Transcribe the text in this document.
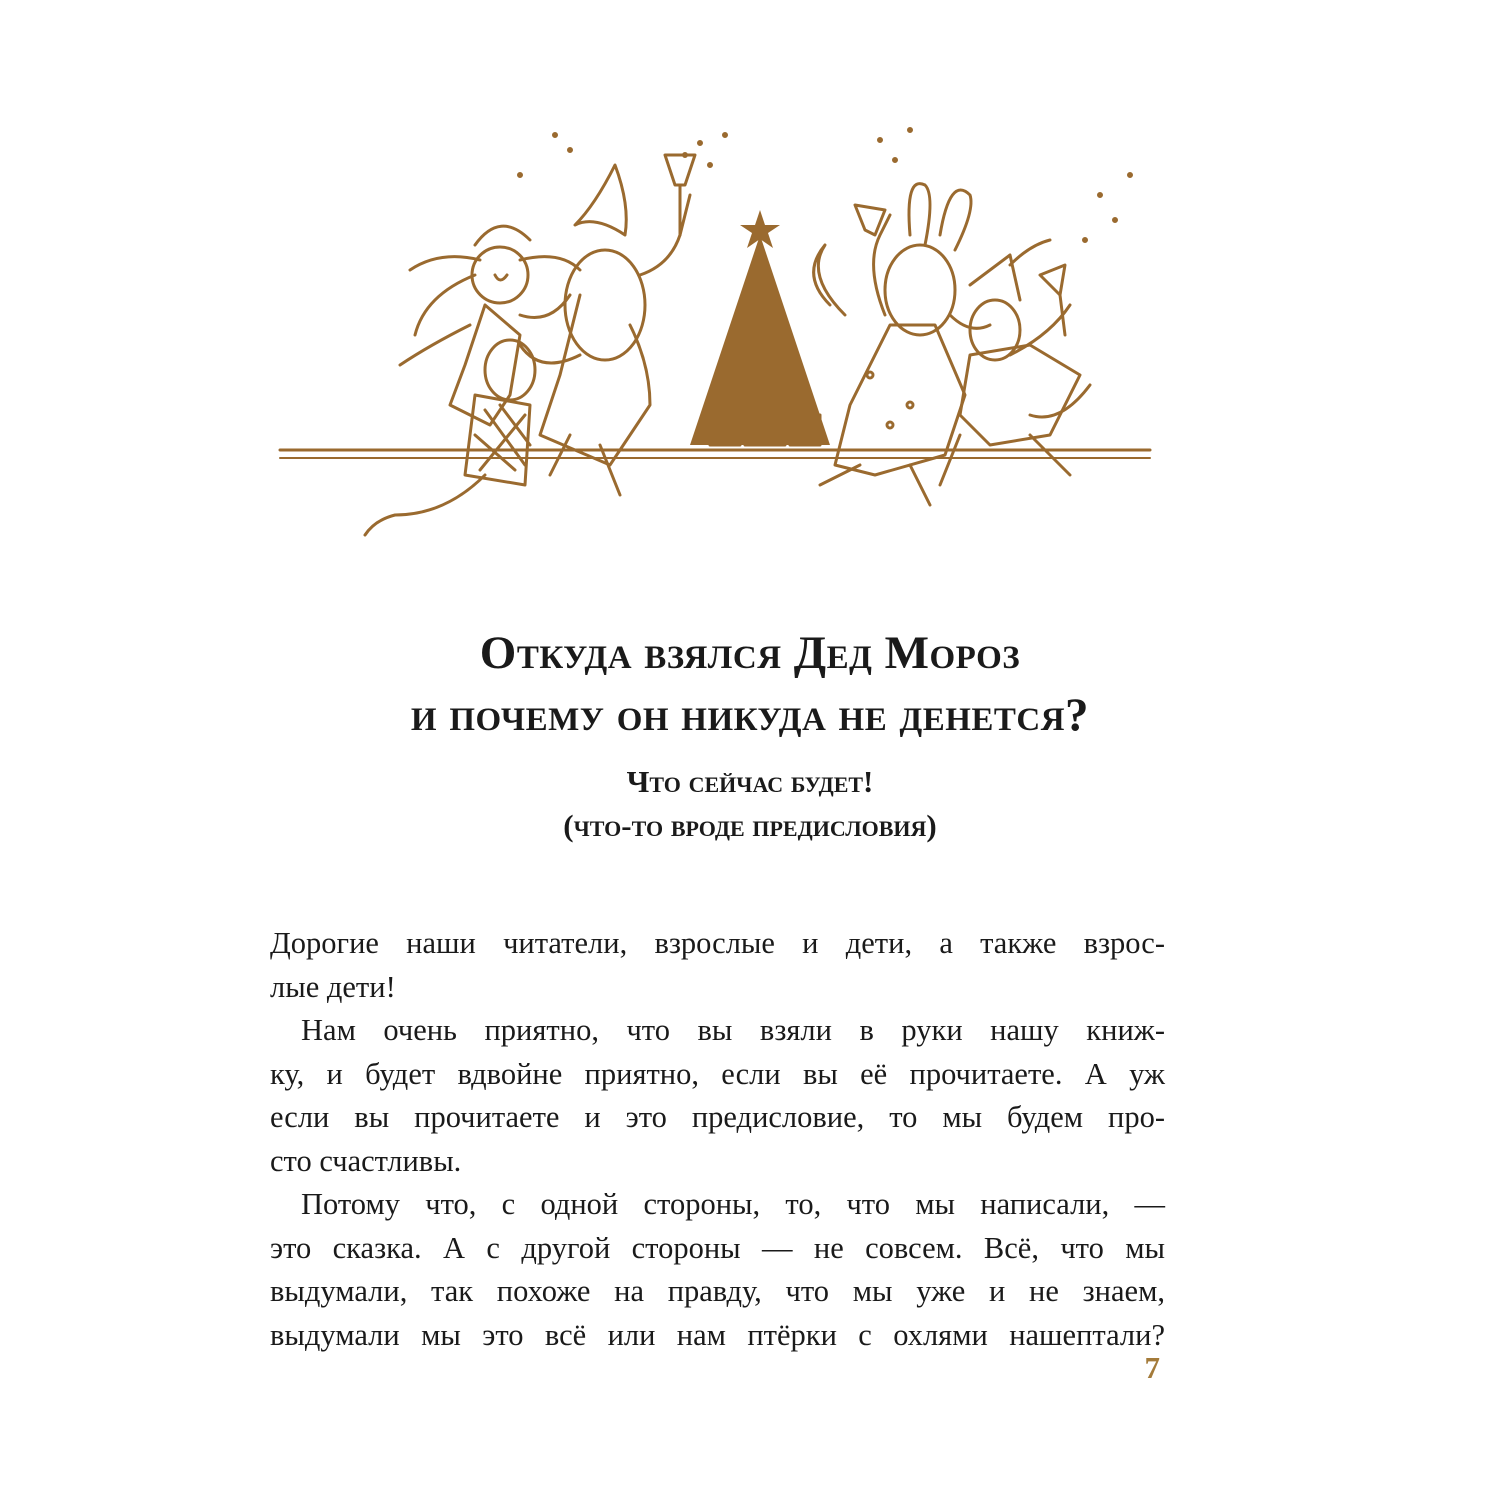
Откуда взялся Дед Мороз
и почему он никуда не денется?
Что сейчас будет!
(что-то вроде предисловия)

Дорогие наши читатели, взрослые и дети, а также взрос-
лые дети!

Нам очень приятно, что вы взяли в руки нашу книж-
ку, и будет вдвойне приятно, если вы её прочитаете. А уж
если вы прочитаете и это предисловие, то мы будем про-
сто счастливы.

Потому что, с одной стороны, то, что мы написали, —
это сказка. А с другой стороны — не совсем. Всё, что мы
выдумали, так похоже на правду, что мы уже и не знаем,
выдумали мы это всё или нам птёрки с охлями нашептали?

7
